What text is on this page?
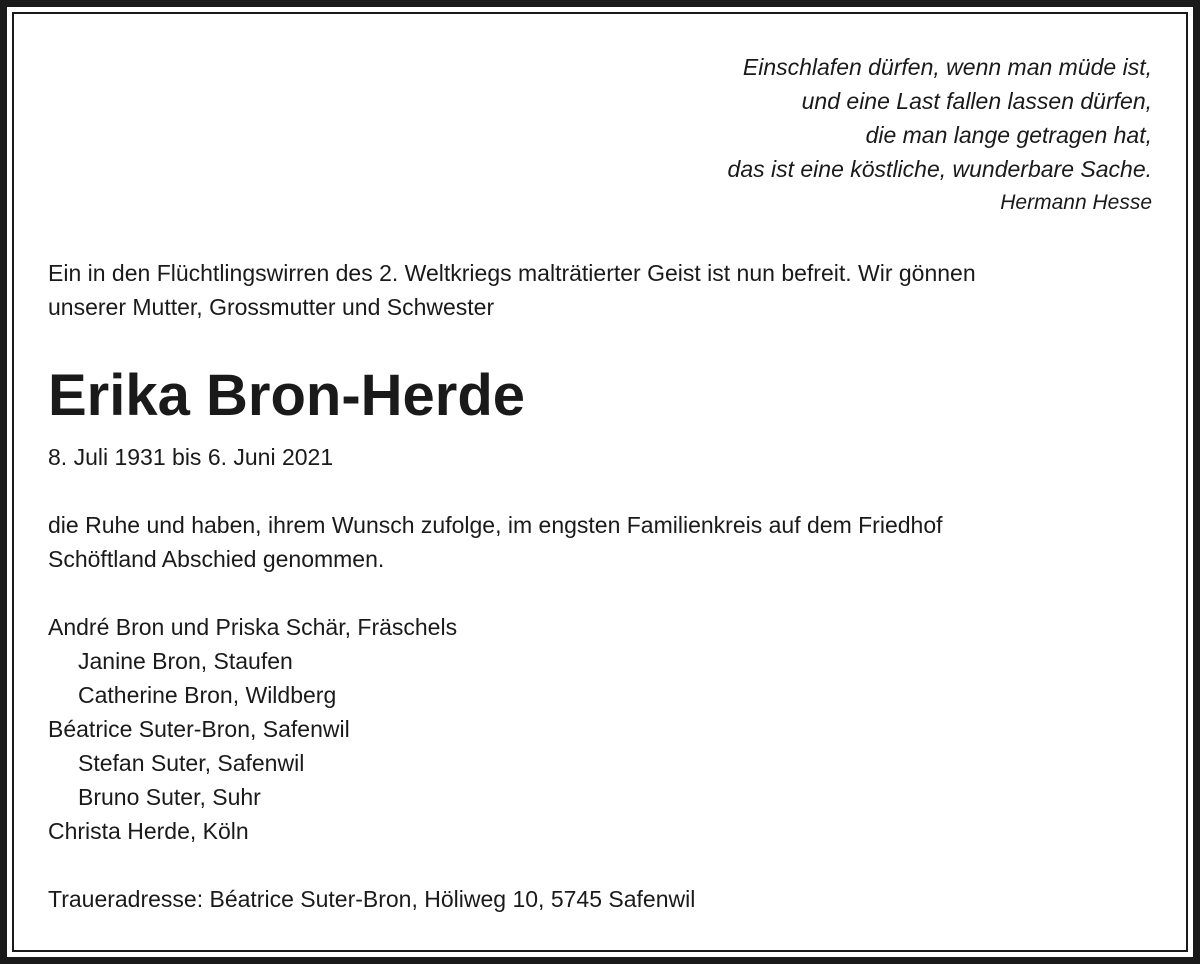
Einschlafen dürfen, wenn man müde ist,
und eine Last fallen lassen dürfen,
die man lange getragen hat,
das ist eine köstliche, wunderbare Sache.
Hermann Hesse
Ein in den Flüchtlingswirren des 2. Weltkriegs malträtierter Geist ist nun befreit. Wir gönnen
unserer Mutter, Grossmutter und Schwester
Erika Bron-Herde
8. Juli 1931 bis 6. Juni 2021
die Ruhe und haben, ihrem Wunsch zufolge, im engsten Familienkreis auf dem Friedhof
Schöftland Abschied genommen.
André Bron und Priska Schär, Fräschels
Janine Bron, Staufen
Catherine Bron, Wildberg
Béatrice Suter-Bron, Safenwil
Stefan Suter, Safenwil
Bruno Suter, Suhr
Christa Herde, Köln
Traueradresse: Béatrice Suter-Bron, Höliweg 10, 5745 Safenwil
